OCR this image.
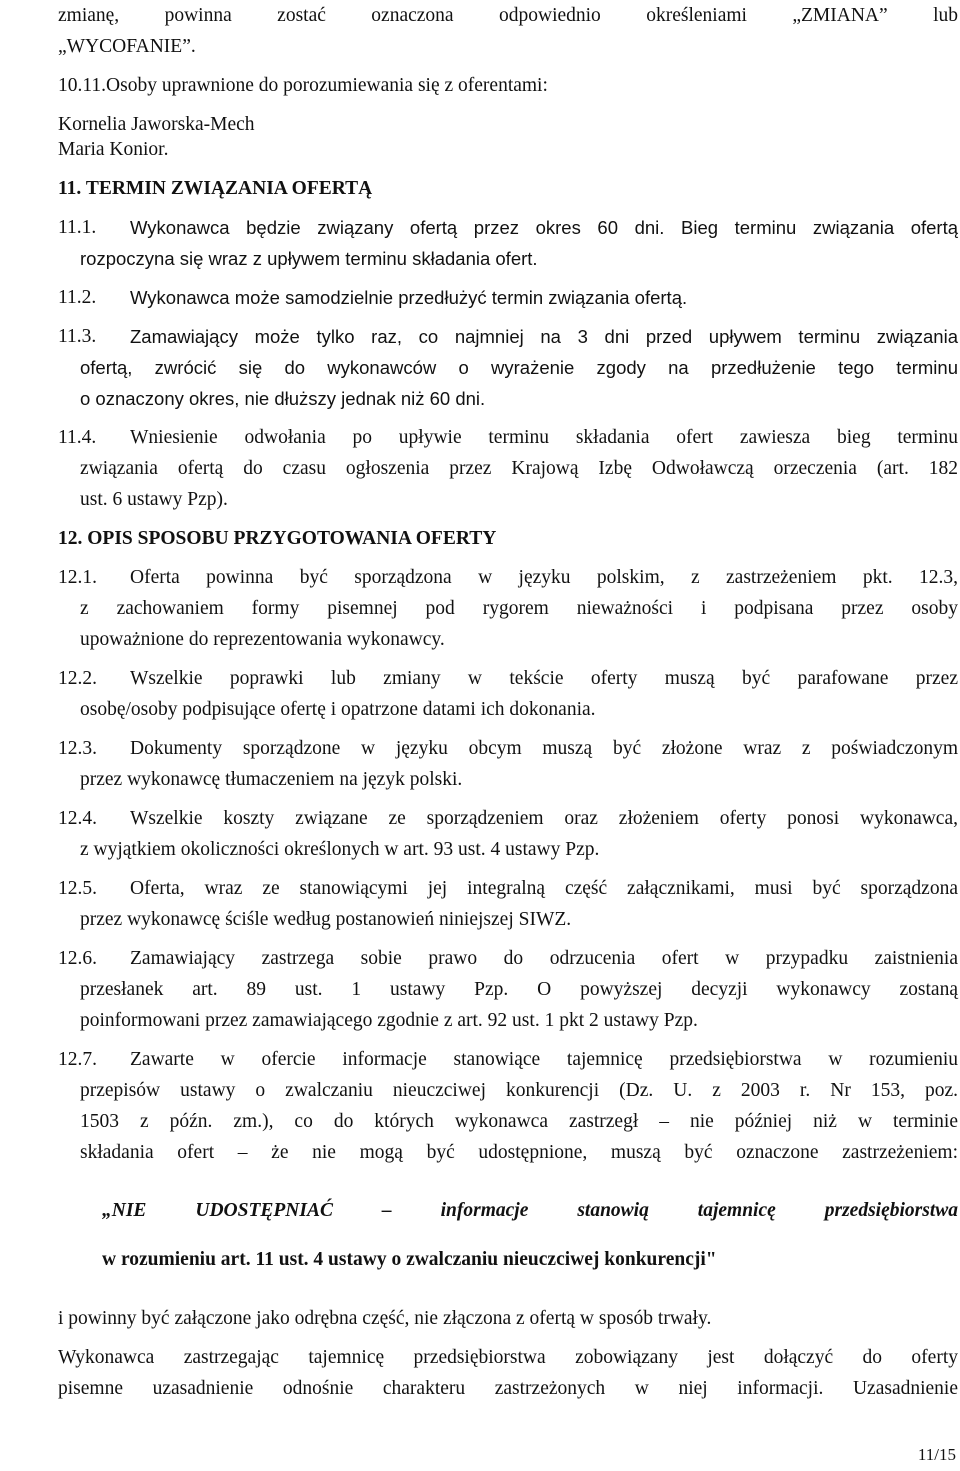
zmianę, powinna zostać oznaczona odpowiednio określeniami „ZMIANA” lub

„WYCOFANIE”.

10.11.Osoby uprawnione do porozumiewania się z oferentami:

Kornelia Jaworska-Mech

Maria Konior.

11. TERMIN ZWIĄZANIA OFERTĄ

11.1.	Wykonawca będzie związany ofertą przez okres 60 dni. Bieg terminu związania ofertą

rozpoczyna się wraz z upływem terminu składania ofert.

11.2.	Wykonawca może samodzielnie przedłużyć termin związania ofertą.

11.3.	Zamawiający może tylko raz, co najmniej na 3 dni przed upływem terminu związania

ofertą, zwrócić się do wykonawców o wyrażenie zgody na przedłużenie tego terminu

o oznaczony okres, nie dłuższy jednak niż 60 dni.

11.4.	Wniesienie odwołania po upływie terminu składania ofert zawiesza bieg terminu

związania ofertą do czasu ogłoszenia przez Krajową Izbę Odwoławczą orzeczenia (art. 182

ust. 6 ustawy Pzp).

12. OPIS SPOSOBU PRZYGOTOWANIA OFERTY

12.1.	Oferta powinna być sporządzona w języku polskim, z zastrzeżeniem pkt. 12.3,

z zachowaniem formy pisemnej pod rygorem nieważności i podpisana przez osoby

upoważnione do reprezentowania wykonawcy.

12.2.	Wszelkie poprawki lub zmiany w tekście oferty muszą być parafowane przez

osobę/osoby podpisujące ofertę i opatrzone datami ich dokonania.

12.3.	Dokumenty sporządzone w języku obcym muszą być złożone wraz z poświadczonym

przez wykonawcę tłumaczeniem na język polski.

12.4.	Wszelkie koszty związane ze sporządzeniem oraz złożeniem oferty ponosi wykonawca,

z wyjątkiem okoliczności określonych w art. 93 ust. 4 ustawy Pzp.

12.5.	Oferta, wraz ze stanowiącymi jej integralną część załącznikami, musi być sporządzona

przez wykonawcę ściśle według postanowień niniejszej SIWZ.

12.6.	Zamawiający zastrzega sobie prawo do odrzucenia ofert w przypadku zaistnienia

przesłanek art. 89 ust. 1 ustawy Pzp. O powyższej decyzji wykonawcy zostaną

poinformowani przez zamawiającego zgodnie z art. 92 ust. 1 pkt 2 ustawy Pzp.

12.7.	Zawarte w ofercie informacje stanowiące tajemnicę przedsiębiorstwa w rozumieniu

przepisów ustawy o zwalczaniu nieuczciwej konkurencji (Dz. U. z 2003 r. Nr 153, poz.

1503 z późn. zm.), co do których wykonawca zastrzegł – nie później niż w terminie

składania ofert – że nie mogą być udostępnione, muszą być oznaczone zastrzeżeniem:

„NIE UDOSTĘPNIAĆ – informacje stanowią tajemnicę przedsiębiorstwa

w rozumieniu art. 11 ust. 4 ustawy o zwalczaniu nieuczciwej konkurencji"

i powinny być załączone jako odrębna część, nie złączona z ofertą w sposób trwały.

Wykonawca zastrzegając tajemnicę przedsiębiorstwa zobowiązany jest dołączyć do oferty

pisemne uzasadnienie odnośnie charakteru zastrzeżonych w niej informacji. Uzasadnienie

11/15
